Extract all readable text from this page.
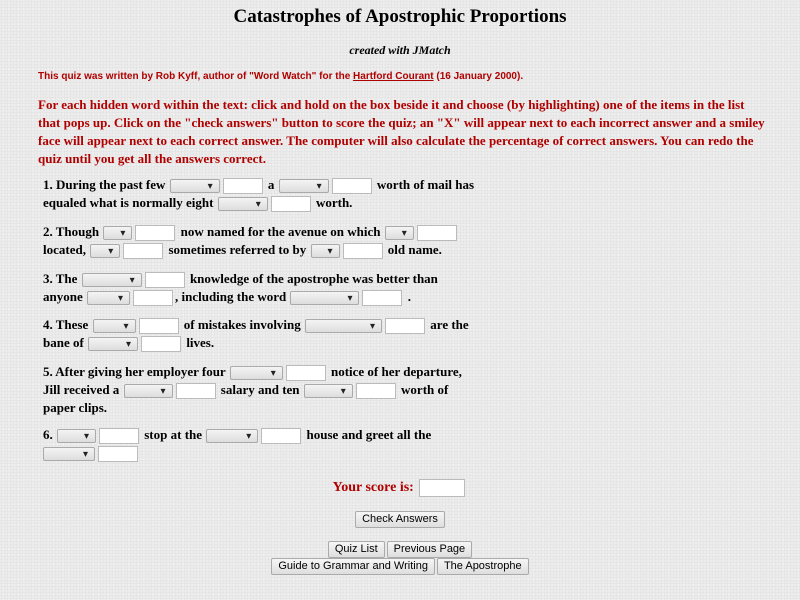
Catastrophes of Apostrophic Proportions
created with JMatch
This quiz was written by Rob Kyff, author of "Word Watch" for the Hartford Courant (16 January 2000).
For each hidden word within the text: click and hold on the box beside it and choose (by highlighting) one of the items in the list that pops up. Click on the "check answers" button to score the quiz; an "X" will appear next to each incorrect answer and a smiley face will appear next to each correct answer. The computer will also calculate the percentage of correct answers. You can redo the quiz until you get all the answers correct.
1. During the past few ▾	a ▾	worth of mail has
equaled what is normally eight ▾	worth.
2. Though ▾	now named for the avenue on which ▾
located, ▾	sometimes referred to by ▾	old name.
3. The ▾	knowledge of the apostrophe was better than
anyone ▾	, including the word ▾	.
4. These ▾	of mistakes involving ▾	are the
bane of ▾	lives.
5. After giving her employer four ▾	notice of her departure,
Jill received a ▾	salary and ten ▾	worth of
paper clips.
6. ▾	stop at the ▾	house and greet all the
▾
Your score is:
Check Answers
Quiz List Previous Page
Guide to Grammar and Writing The Apostrophe
